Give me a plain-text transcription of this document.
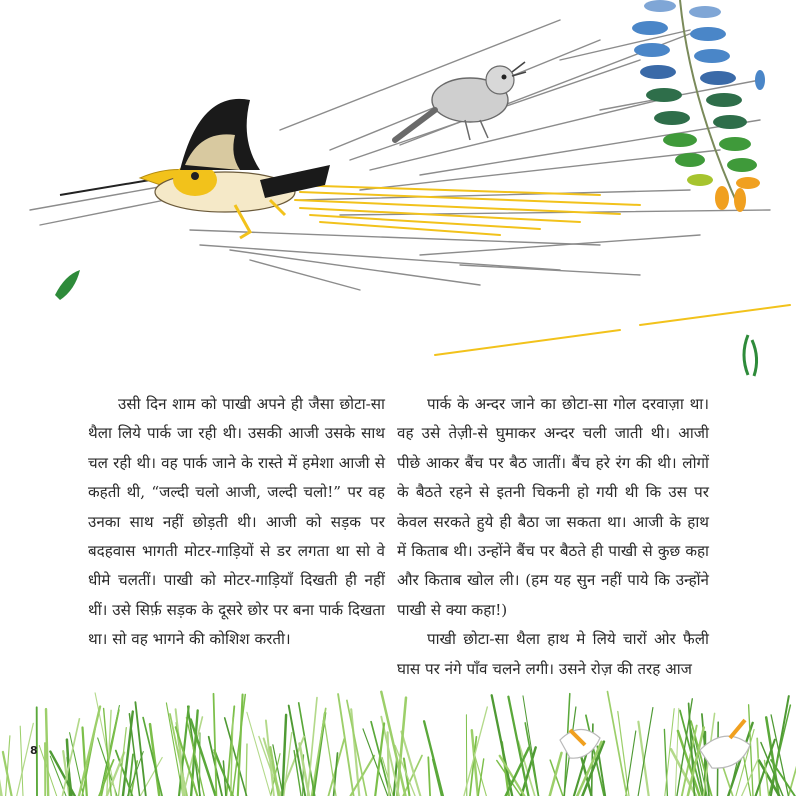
उसी दिन शाम को पाखी अपने ही जैसा छोटा-सा थैला लिये पार्क जा रही थी। उसकी आजी उसके साथ चल रही थी। वह पार्क जाने के रास्ते में हमेशा आजी से कहती थी, “जल्दी चलो आजी, जल्दी चलो!” पर वह उनका साथ नहीं छोड़ती थी। आजी को सड़क पर बदहवास भागती मोटर-गाड़ियों से डर लगता था सो वे धीमे चलतीं। पाखी को मोटर-गाड़ियाँ दिखती ही नहीं थीं। उसे सिर्फ़ सड़क के दूसरे छोर पर बना पार्क दिखता था। सो वह भागने की कोशिश करती।

पार्क के अन्दर जाने का छोटा-सा गोल दरवाज़ा था। वह उसे तेज़ी-से घुमाकर अन्दर चली जाती थी। आजी पीछे आकर बैंच पर बैठ जातीं। बैंच हरे रंग की थी। लोगों के बैठते रहने से इतनी चिकनी हो गयी थी कि उस पर केवल सरकते हुये ही बैठा जा सकता था। आजी के हाथ में किताब थी। उन्होंने बैंच पर बैठते ही पाखी से कुछ कहा और किताब खोल ली। (हम यह सुन नहीं पाये कि उन्होंने पाखी से क्या कहा!)

पाखी छोटा-सा थैला हाथ मे लिये चारों ओर फैली घास पर नंगे पाँव चलने लगी। उसने रोज़ की तरह आज

8
